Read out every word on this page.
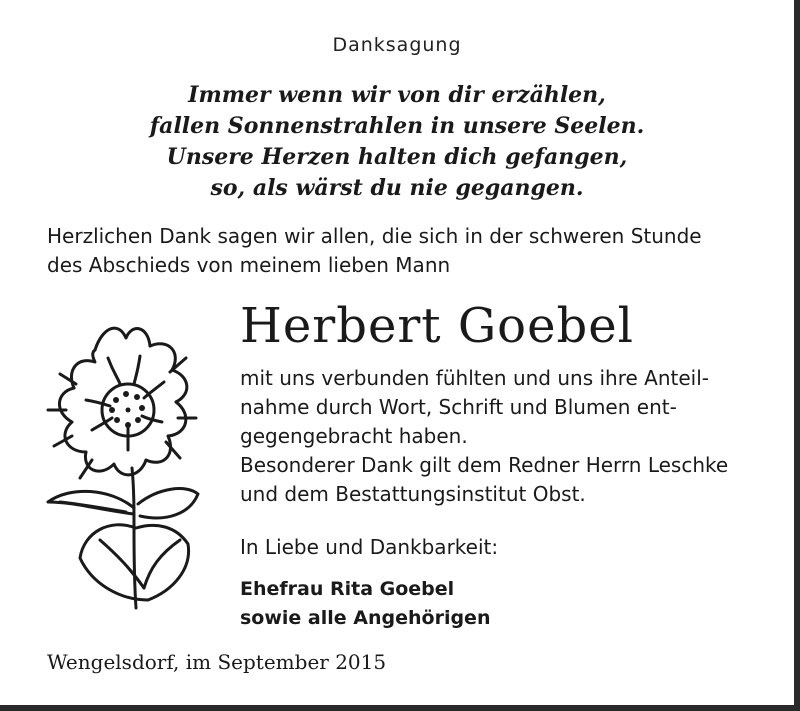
Danksagung
Immer wenn wir von dir erzählen,
fallen Sonnenstrahlen in unsere Seelen.
Unsere Herzen halten dich gefangen,
so, als wärst du nie gegangen.
Herzlichen Dank sagen wir allen, die sich in der schweren Stunde
des Abschieds von meinem lieben Mann
Herbert Goebel
mit uns verbunden fühlten und uns ihre Anteil-
nahme durch Wort, Schrift und Blumen ent-
gegengebracht haben.
Besonderer Dank gilt dem Redner Herrn Leschke
und dem Bestattungsinstitut Obst.
In Liebe und Dankbarkeit:
Ehefrau Rita Goebel
sowie alle Angehörigen
Wengelsdorf, im September 2015
